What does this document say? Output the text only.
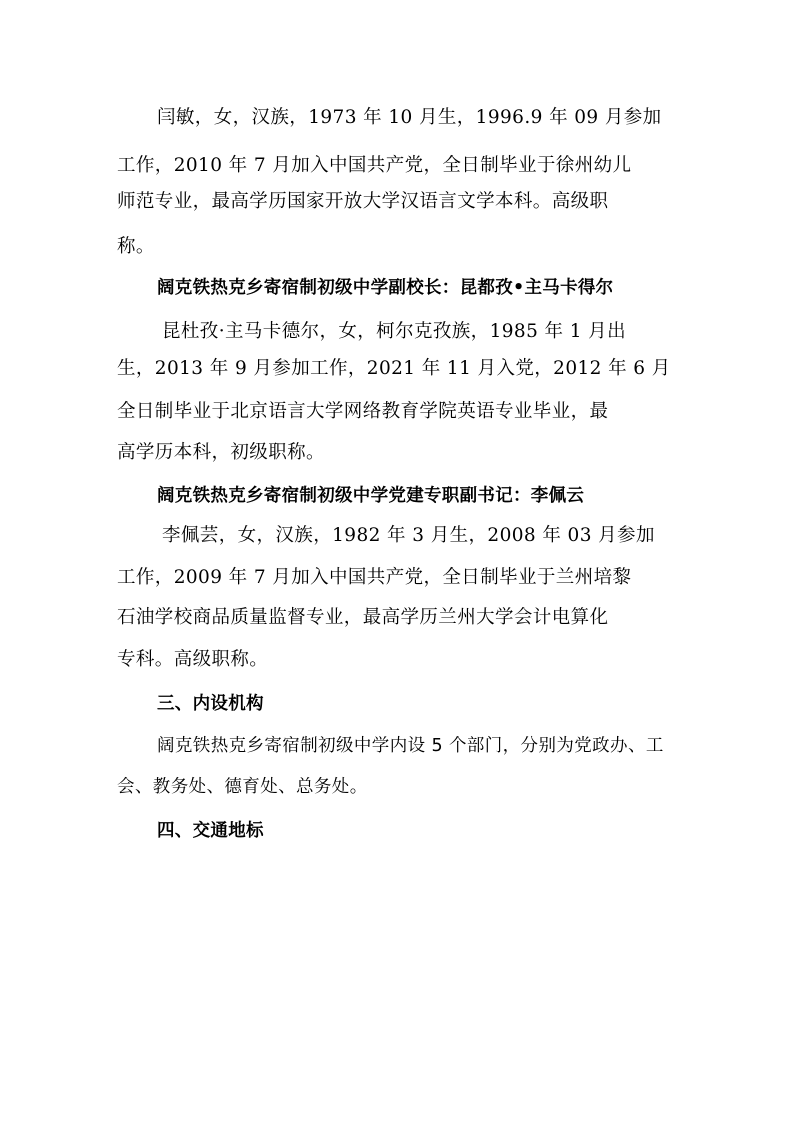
闫敏，女，汉族，1973 年 10 月生，1996.9 年 09 月参加
工作，2010 年 7 月加入中国共产党，全日制毕业于徐州幼儿
师范专业，最高学历国家开放大学汉语言文学本科。高级职
称。
阔克铁热克乡寄宿制初级中学副校长：昆都孜•主马卡得尔
昆杜孜·主马卡德尔，女，柯尔克孜族，1985 年 1 月出
生，2013 年 9 月参加工作，2021 年 11 月入党，2012 年 6 月
全日制毕业于北京语言大学网络教育学院英语专业毕业，最
高学历本科，初级职称。
阔克铁热克乡寄宿制初级中学党建专职副书记：李佩云
李佩芸，女，汉族，1982 年 3 月生，2008 年 03 月参加
工作，2009 年 7 月加入中国共产党，全日制毕业于兰州培黎
石油学校商品质量监督专业，最高学历兰州大学会计电算化
专科。高级职称。
三、内设机构
阔克铁热克乡寄宿制初级中学内设 5 个部门，分别为党政办、工
会、教务处、德育处、总务处。
四、交通地标
